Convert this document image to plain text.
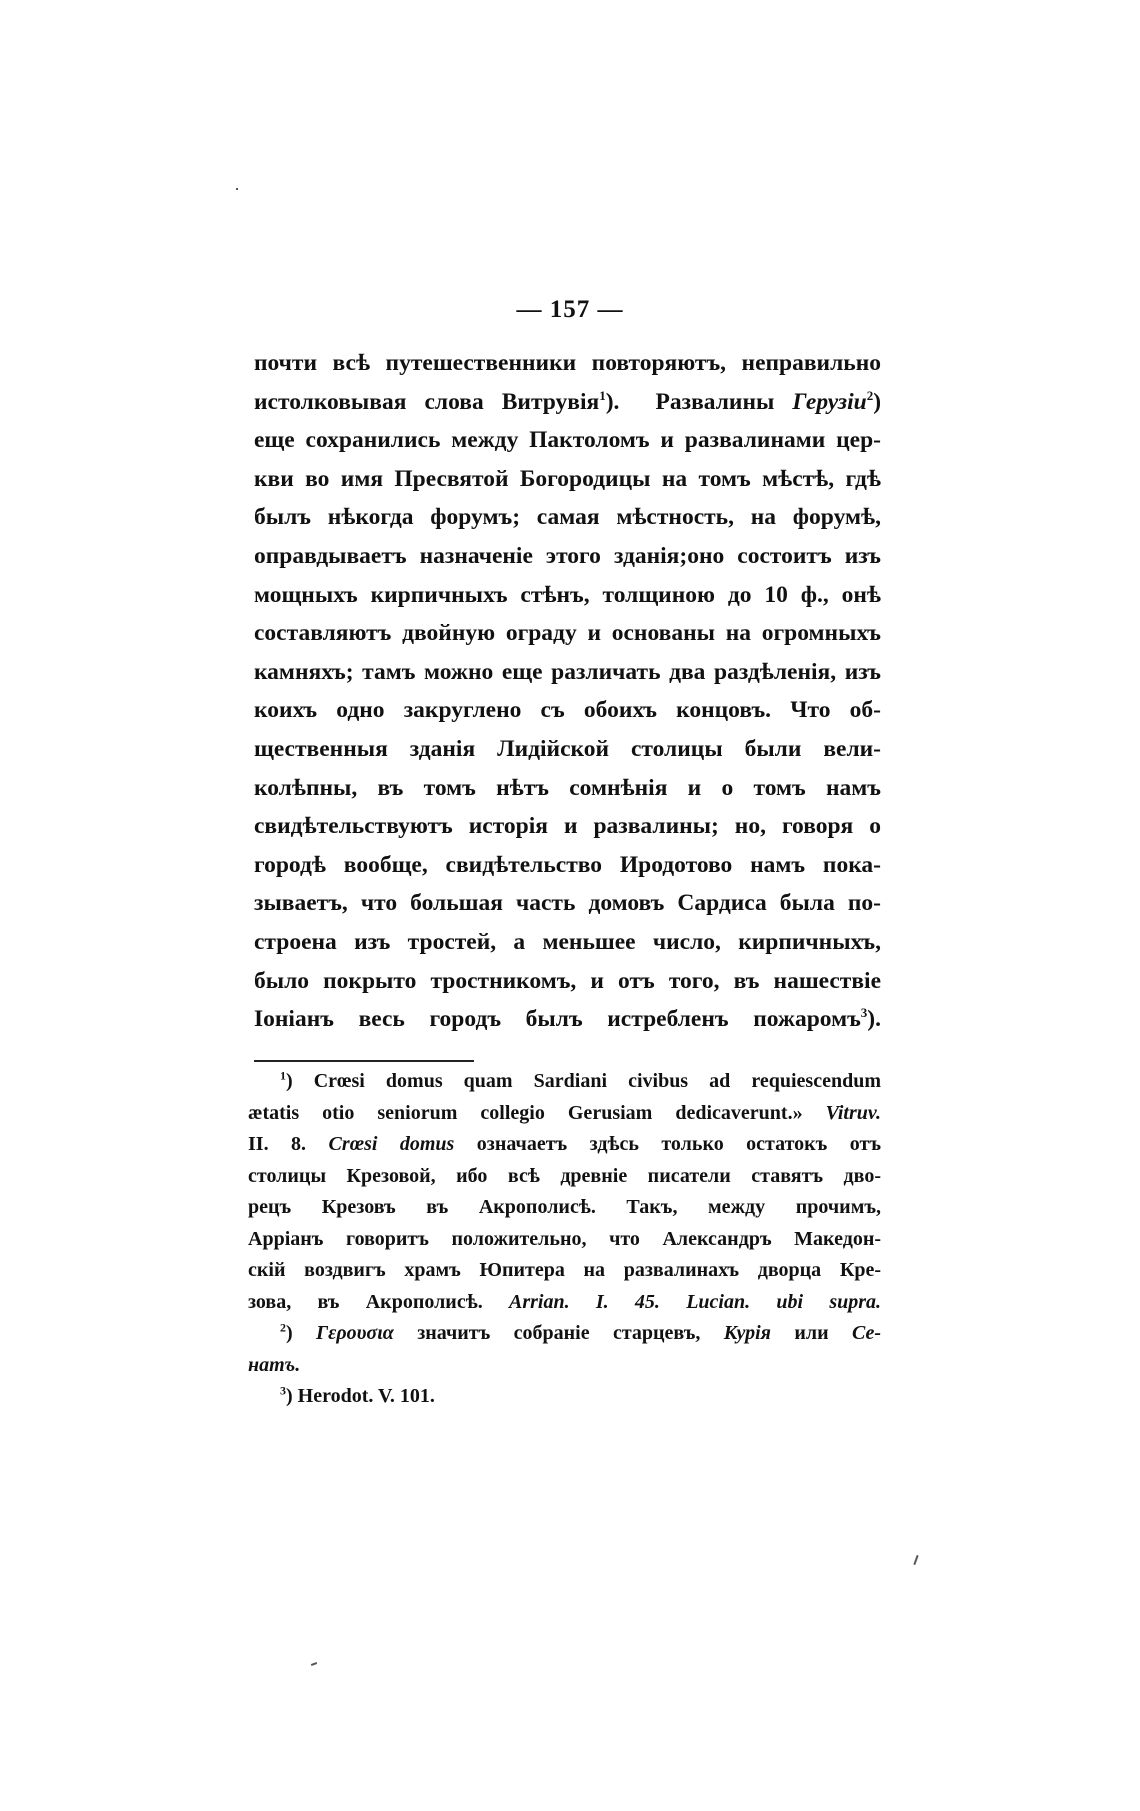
— 157 —
почти всѣ путешественники повторяютъ, неправильно
истолковывая слова Витрувія$^1$). Развалины Герузіи$^2$)
еще сохранились между Пактоломъ и развалинами цер-
кви во имя Пресвятой Богородицы на томъ мѣстѣ, гдѣ
былъ нѣкогда форумъ; самая мѣстность, на форумѣ,
оправдываетъ назначеніе этого зданія;оно состоитъ изъ
мощныхъ кирпичныхъ стѣнъ, толщиною до 10 ф., онѣ
составляютъ двойную ограду и основаны на огромныхъ
камняхъ; тамъ можно еще различать два раздѣленія, изъ
коихъ одно закруглено съ обоихъ концовъ. Что об-
щественныя зданія Лидійской столицы были вели-
колѣпны, въ томъ нѣтъ сомнѣнія и о томъ намъ
свидѣтельствуютъ исторія и развалины; но, говоря о
городѣ вообще, свидѣтельство Иродотово намъ пока-
зываетъ, что большая часть домовъ Сардиса была по-
строена изъ тростей, а меньшее число, кирпичныхъ,
было покрыто тростникомъ, и отъ того, въ нашествіе
Іоніанъ весь городъ былъ истребленъ пожаромъ$^3$).
$^1$) Crœsi domus quam Sardiani civibus ad requiescendum
ætatis otio seniorum collegio Gerusiam dedicaverunt.» Vitruv.
II. 8. Crœsi domus означаетъ здѣсь только остатокъ отъ
столицы Крезовой, ибо всѣ древніе писатели ставятъ дво-
рецъ Крезовъ въ Акрополисѣ. Такъ, между прочимъ,
Арріанъ говоритъ положительно, что Александръ Македон-
скій воздвигъ храмъ Юпитера на развалинахъ дворца Кре-
зова, въ Акрополисѣ. Arrian. I. 45. Lucian. ubi supra.
$^2$) Γερουσια значитъ собраніе старцевъ, Курія или Се-
натъ.
$^3$) Herodot. V. 101.
